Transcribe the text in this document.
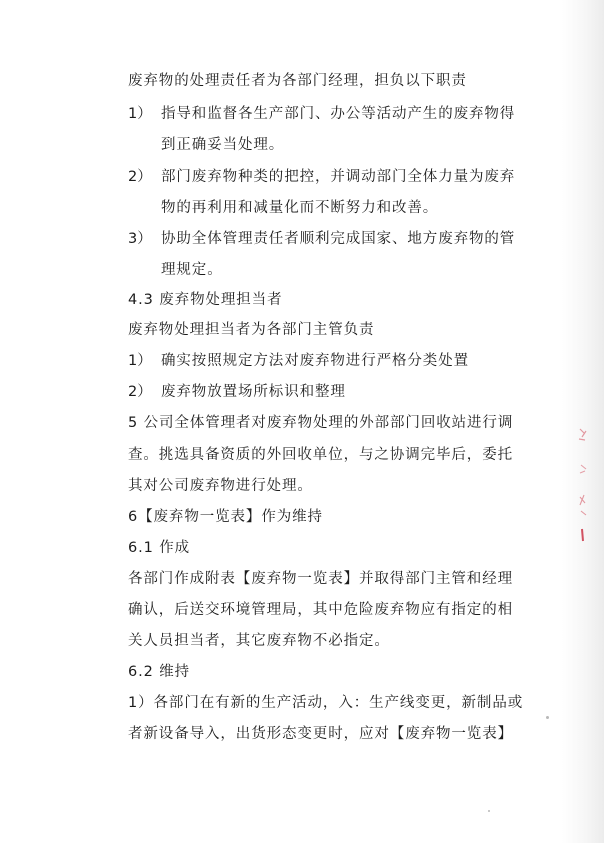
废弃物的处理责任者为各部门经理，担负以下职责
1） 指导和监督各生产部门、办公等活动产生的废弃物得
到正确妥当处理。
2） 部门废弃物种类的把控，并调动部门全体力量为废弃
物的再利用和减量化而不断努力和改善。
3） 协助全体管理责任者顺利完成国家、地方废弃物的管
理规定。
4.3 废弃物处理担当者
废弃物处理担当者为各部门主管负责
1） 确实按照规定方法对废弃物进行严格分类处置
2） 废弃物放置场所标识和整理
5 公司全体管理者对废弃物处理的外部部门回收站进行调
查。挑选具备资质的外回收单位，与之协调完毕后，委托
其对公司废弃物进行处理。
6【废弃物一览表】作为维持
6.1 作成
各部门作成附表【废弃物一览表】并取得部门主管和经理
确认，后送交环境管理局，其中危险废弃物应有指定的相
关人员担当者，其它废弃物不必指定。
6.2 维持
1）各部门在有新的生产活动，入：生产线变更，新制品或
者新设备导入，出货形态变更时，应对【废弃物一览表】
